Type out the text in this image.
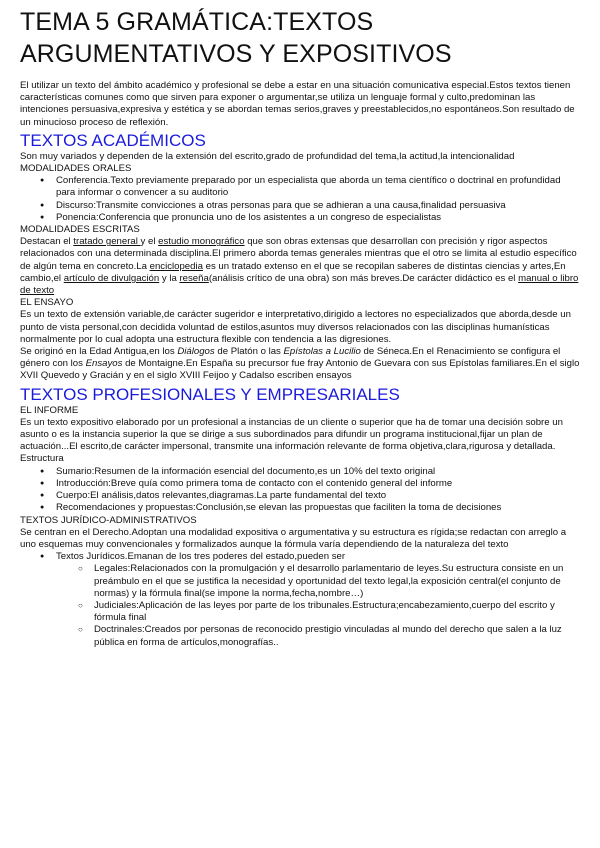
TEMA 5 GRAMÁTICA:TEXTOS ARGUMENTATIVOS Y EXPOSITIVOS

El utilizar un texto del ámbito académico y profesional se debe a estar en una situación comunicativa especial.Estos textos tienen características comunes como que sirven para exponer o argumentar,se utiliza un lenguaje formal y culto,predominan las intenciones persuasiva,expresiva y estética y se abordan temas serios,graves y preestablecidos,no espontáneos.Son resultado de un minucioso proceso de reflexión.

TEXTOS ACADÉMICOS

Son muy variados y dependen de la extensión del escrito,grado de profundidad del tema,la actitud,la intencionalidad

MODALIDADES ORALES

● Conferencia.Texto previamente preparado por un especialista que aborda un tema científico o doctrinal en profundidad para informar o convencer a su auditorio
● Discurso:Transmite convicciones a otras personas para que se adhieran a una causa,finalidad persuasiva
● Ponencia:Conferencia que pronuncia uno de los asistentes a un congreso de especialistas

MODALIDADES ESCRITAS

Destacan el tratado general y el estudio monográfico que son obras extensas que desarrollan con precisión y rigor aspectos relacionados con una determinada disciplina.El primero aborda temas generales mientras que el otro se limita al estudio específico de algún tema en concreto.La enciclopedia es un tratado extenso en el que se recopilan saberes de distintas ciencias y artes,En cambio,el artículo de divulgación y la reseña(análisis crítico de una obra) son más breves.De carácter didáctico es el manual o libro de texto

EL ENSAYO

Es un texto de extensión variable,de carácter sugeridor e interpretativo,dirigido a lectores no especializados que aborda,desde un punto de vista personal,con decidida voluntad de estilos,asuntos muy diversos relacionados con las disciplinas humanísticas normalmente por lo cual adopta una estructura flexible con tendencia a las digresiones.

Se originó en la Edad Antigua,en los Diálogos de Platón o las Epístolas a Lucilio de Séneca.En el Renacimiento se configura el género con los Ensayos de Montaigne.En España su precursor fue fray Antonio de Guevara con sus Epístolas familiares.En el siglo XVII Quevedo y Gracián y en el siglo XVIII Feijoo y Cadalso escriben ensayos

TEXTOS PROFESIONALES Y EMPRESARIALES

EL INFORME

Es un texto expositivo elaborado por un profesional a instancias de un cliente o superior que ha de tomar una decisión sobre un asunto o es la instancia superior la que se dirige a sus subordinados para difundir un programa institucional,fijar un plan de actuación...El escrito,de carácter impersonal, transmite una información relevante de forma objetiva,clara,rigurosa y detallada.

Estructura

● Sumario:Resumen de la información esencial del documento,es un 10% del texto original
● Introducción:Breve quía como primera toma de contacto con el contenido general del informe
● Cuerpo:El análisis,datos relevantes,diagramas.La parte fundamental del texto
● Recomendaciones y propuestas:Conclusión,se elevan las propuestas que faciliten la toma de decisiones

TEXTOS JURÍDICO-ADMINISTRATIVOS

Se centran en el Derecho.Adoptan una modalidad expositiva o argumentativa y su estructura es rígida;se redactan con arreglo a uno esquemas muy convencionales y formalizados aunque la fórmula varía dependiendo de la naturaleza del texto

● Textos Jurídicos.Emanan de los tres poderes del estado,pueden ser
○ Legales:Relacionados con la promulgación y el desarrollo parlamentario de leyes.Su estructura consiste en un preámbulo en el que se justifica la necesidad y oportunidad del texto legal,la exposición central(el conjunto de normas) y la fórmula final(se impone la norma,fecha,nombre…)
○ Judiciales:Aplicación de las leyes por parte de los tribunales.Estructura;encabezamiento,cuerpo del escrito y fórmula final
○ Doctrinales:Creados por personas de reconocido prestigio vinculadas al mundo del derecho que salen a la luz pública en forma de artículos,monografías..
